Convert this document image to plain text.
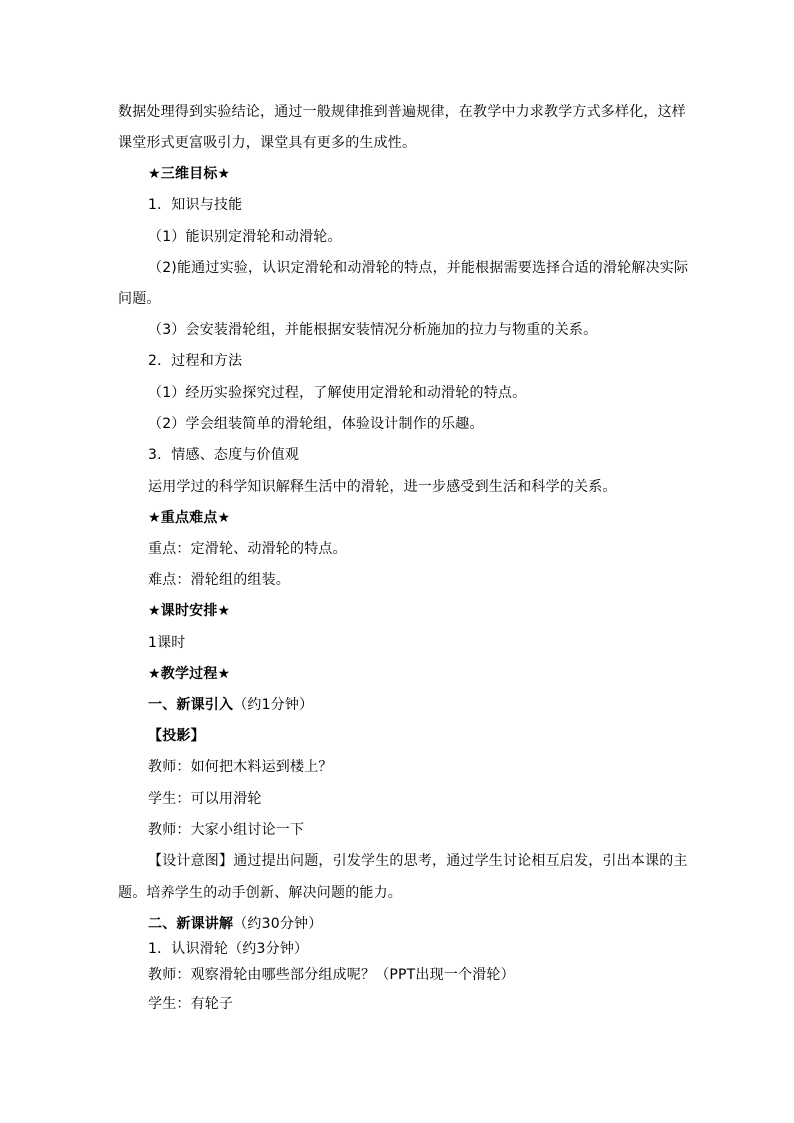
数据处理得到实验结论，通过一般规律推到普遍规律，在教学中力求教学方式多样化，这样
课堂形式更富吸引力，课堂具有更多的生成性。
★三维目标★
1．知识与技能
（1）能识别定滑轮和动滑轮。
（2)能通过实验，认识定滑轮和动滑轮的特点，并能根据需要选择合适的滑轮解决实际
问题。
（3）会安装滑轮组，并能根据安装情况分析施加的拉力与物重的关系。
2．过程和方法
（1）经历实验探究过程，了解使用定滑轮和动滑轮的特点。
（2）学会组装简单的滑轮组，体验设计制作的乐趣。
3．情感、态度与价值观
运用学过的科学知识解释生活中的滑轮，进一步感受到生活和科学的关系。
★重点难点★
重点：定滑轮、动滑轮的特点。
难点：滑轮组的组装。
★课时安排★
1课时
★教学过程★
一、新课引入（约1分钟）
【投影】
教师：如何把木料运到楼上？
学生：可以用滑轮
教师：大家小组讨论一下
【设计意图】通过提出问题，引发学生的思考，通过学生讨论相互启发，引出本课的主
题。培养学生的动手创新、解决问题的能力。
二、新课讲解（约30分钟）
1．认识滑轮（约3分钟）
教师：观察滑轮由哪些部分组成呢？（PPT出现一个滑轮）
学生：有轮子
